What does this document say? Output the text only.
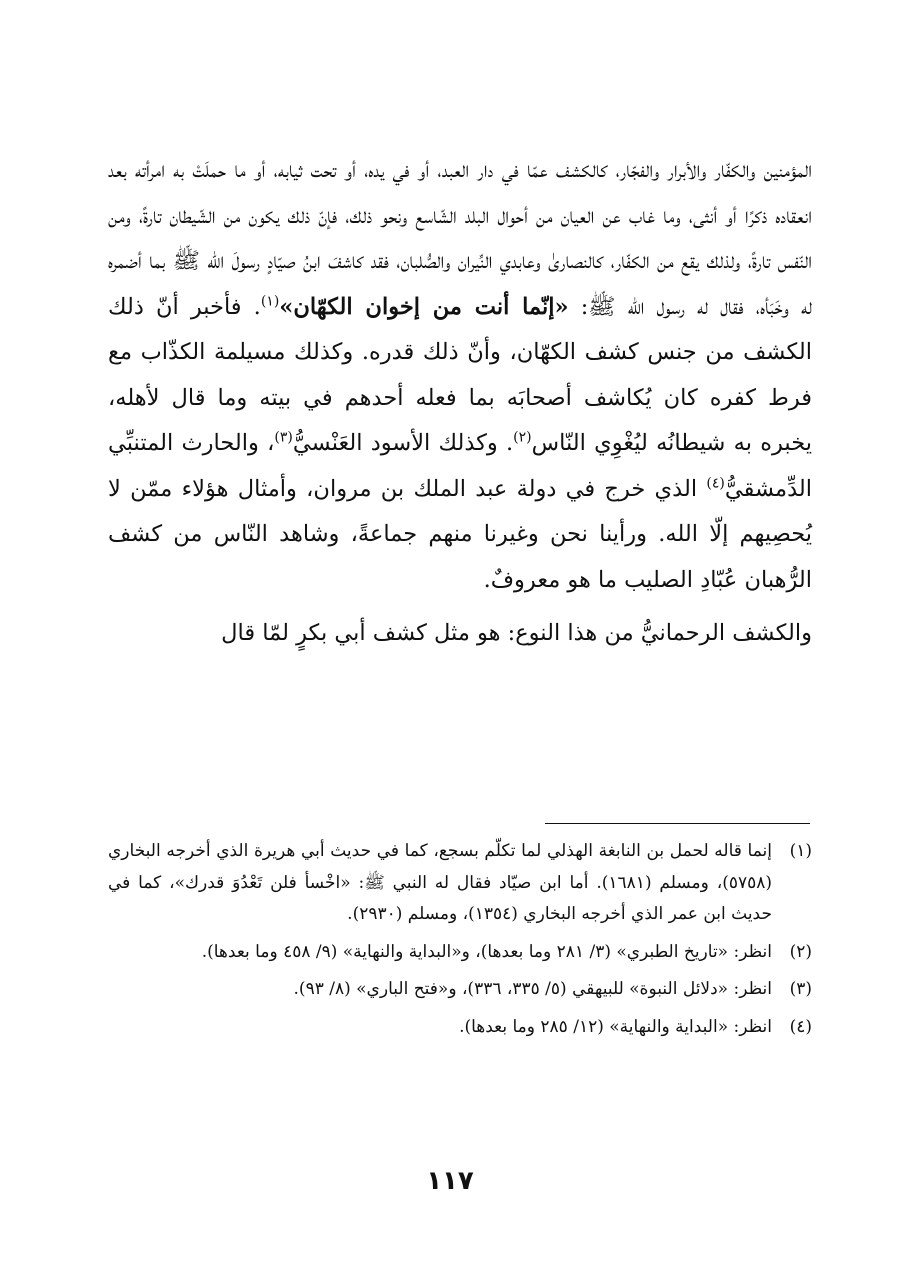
المؤمنين والكفّار والأبرار والفجّار، كالكشف عمّا في دار العبد، أو في يده، أو تحت ثيابه، أو ما حملَتْ به امرأته بعد انعقاده ذكرًا أو أنثى، وما غاب عن العيان من أحوال البلد الشّاسع ونحو ذلك، فإنّ ذلك يكون من الشّيطان تارةً، ومن النّفس تارةً، ولذلك يقع من الكفّار، كالنصارىٰ وعابدي النِّيران والصُّلبان، فقد كاشفَ ابنُ صيّادٍ رسولَ الله ﷺ بما أضمره له وخَبَأه، فقال له رسول الله ﷺ: «إنّما أنت من إخوان الكهّان»$^{(١)}$. فأخبر أنّ ذلك الكشف من جنس كشف الكهّان، وأنّ ذلك قدره. وكذلك مسيلمة الكذّاب مع فرط كفره كان يُكاشف أصحابَه بما فعله أحدهم في بيته وما قال لأهله، يخبره به شيطانُه ليُغْوِي النّاس$^{(٢)}$. وكذلك الأسود العَنْسيُّ$^{(٣)}$، والحارث المتنبِّي الدِّمشقيُّ$^{(٤)}$ الذي خرج في دولة عبد الملك بن مروان، وأمثال هؤلاء ممّن لا يُحصِيهم إلّا الله. ورأينا نحن وغيرنا منهم جماعةً، وشاهد النّاس من كشف الرُّهبان عُبّادِ الصليب ما هو معروفٌ.

والكشف الرحمانيُّ من هذا النوع: هو مثل كشف أبي بكرٍ لمّا قال

(١)
إنما قاله لحمل بن النابغة الهذلي لما تكلّم بسجع، كما في حديث أبي هريرة الذي أخرجه البخاري (٥٧٥٨)، ومسلم (١٦٨١). أما ابن صيّاد فقال له النبي ﷺ: «اخْسأ فلن تَعْدُوَ قدرك»، كما في حديث ابن عمر الذي أخرجه البخاري (١٣٥٤)، ومسلم (٢٩٣٠).
(٢)
انظر: «تاريخ الطبري» (٣/ ٢٨١ وما بعدها)، و«البداية والنهاية» (٩/ ٤٥٨ وما بعدها).
(٣)
انظر: «دلائل النبوة» للبيهقي (٥/ ٣٣٥، ٣٣٦)، و«فتح الباري» (٨/ ٩٣).
(٤)
انظر: «البداية والنهاية» (١٢/ ٢٨٥ وما بعدها).
١١٧
